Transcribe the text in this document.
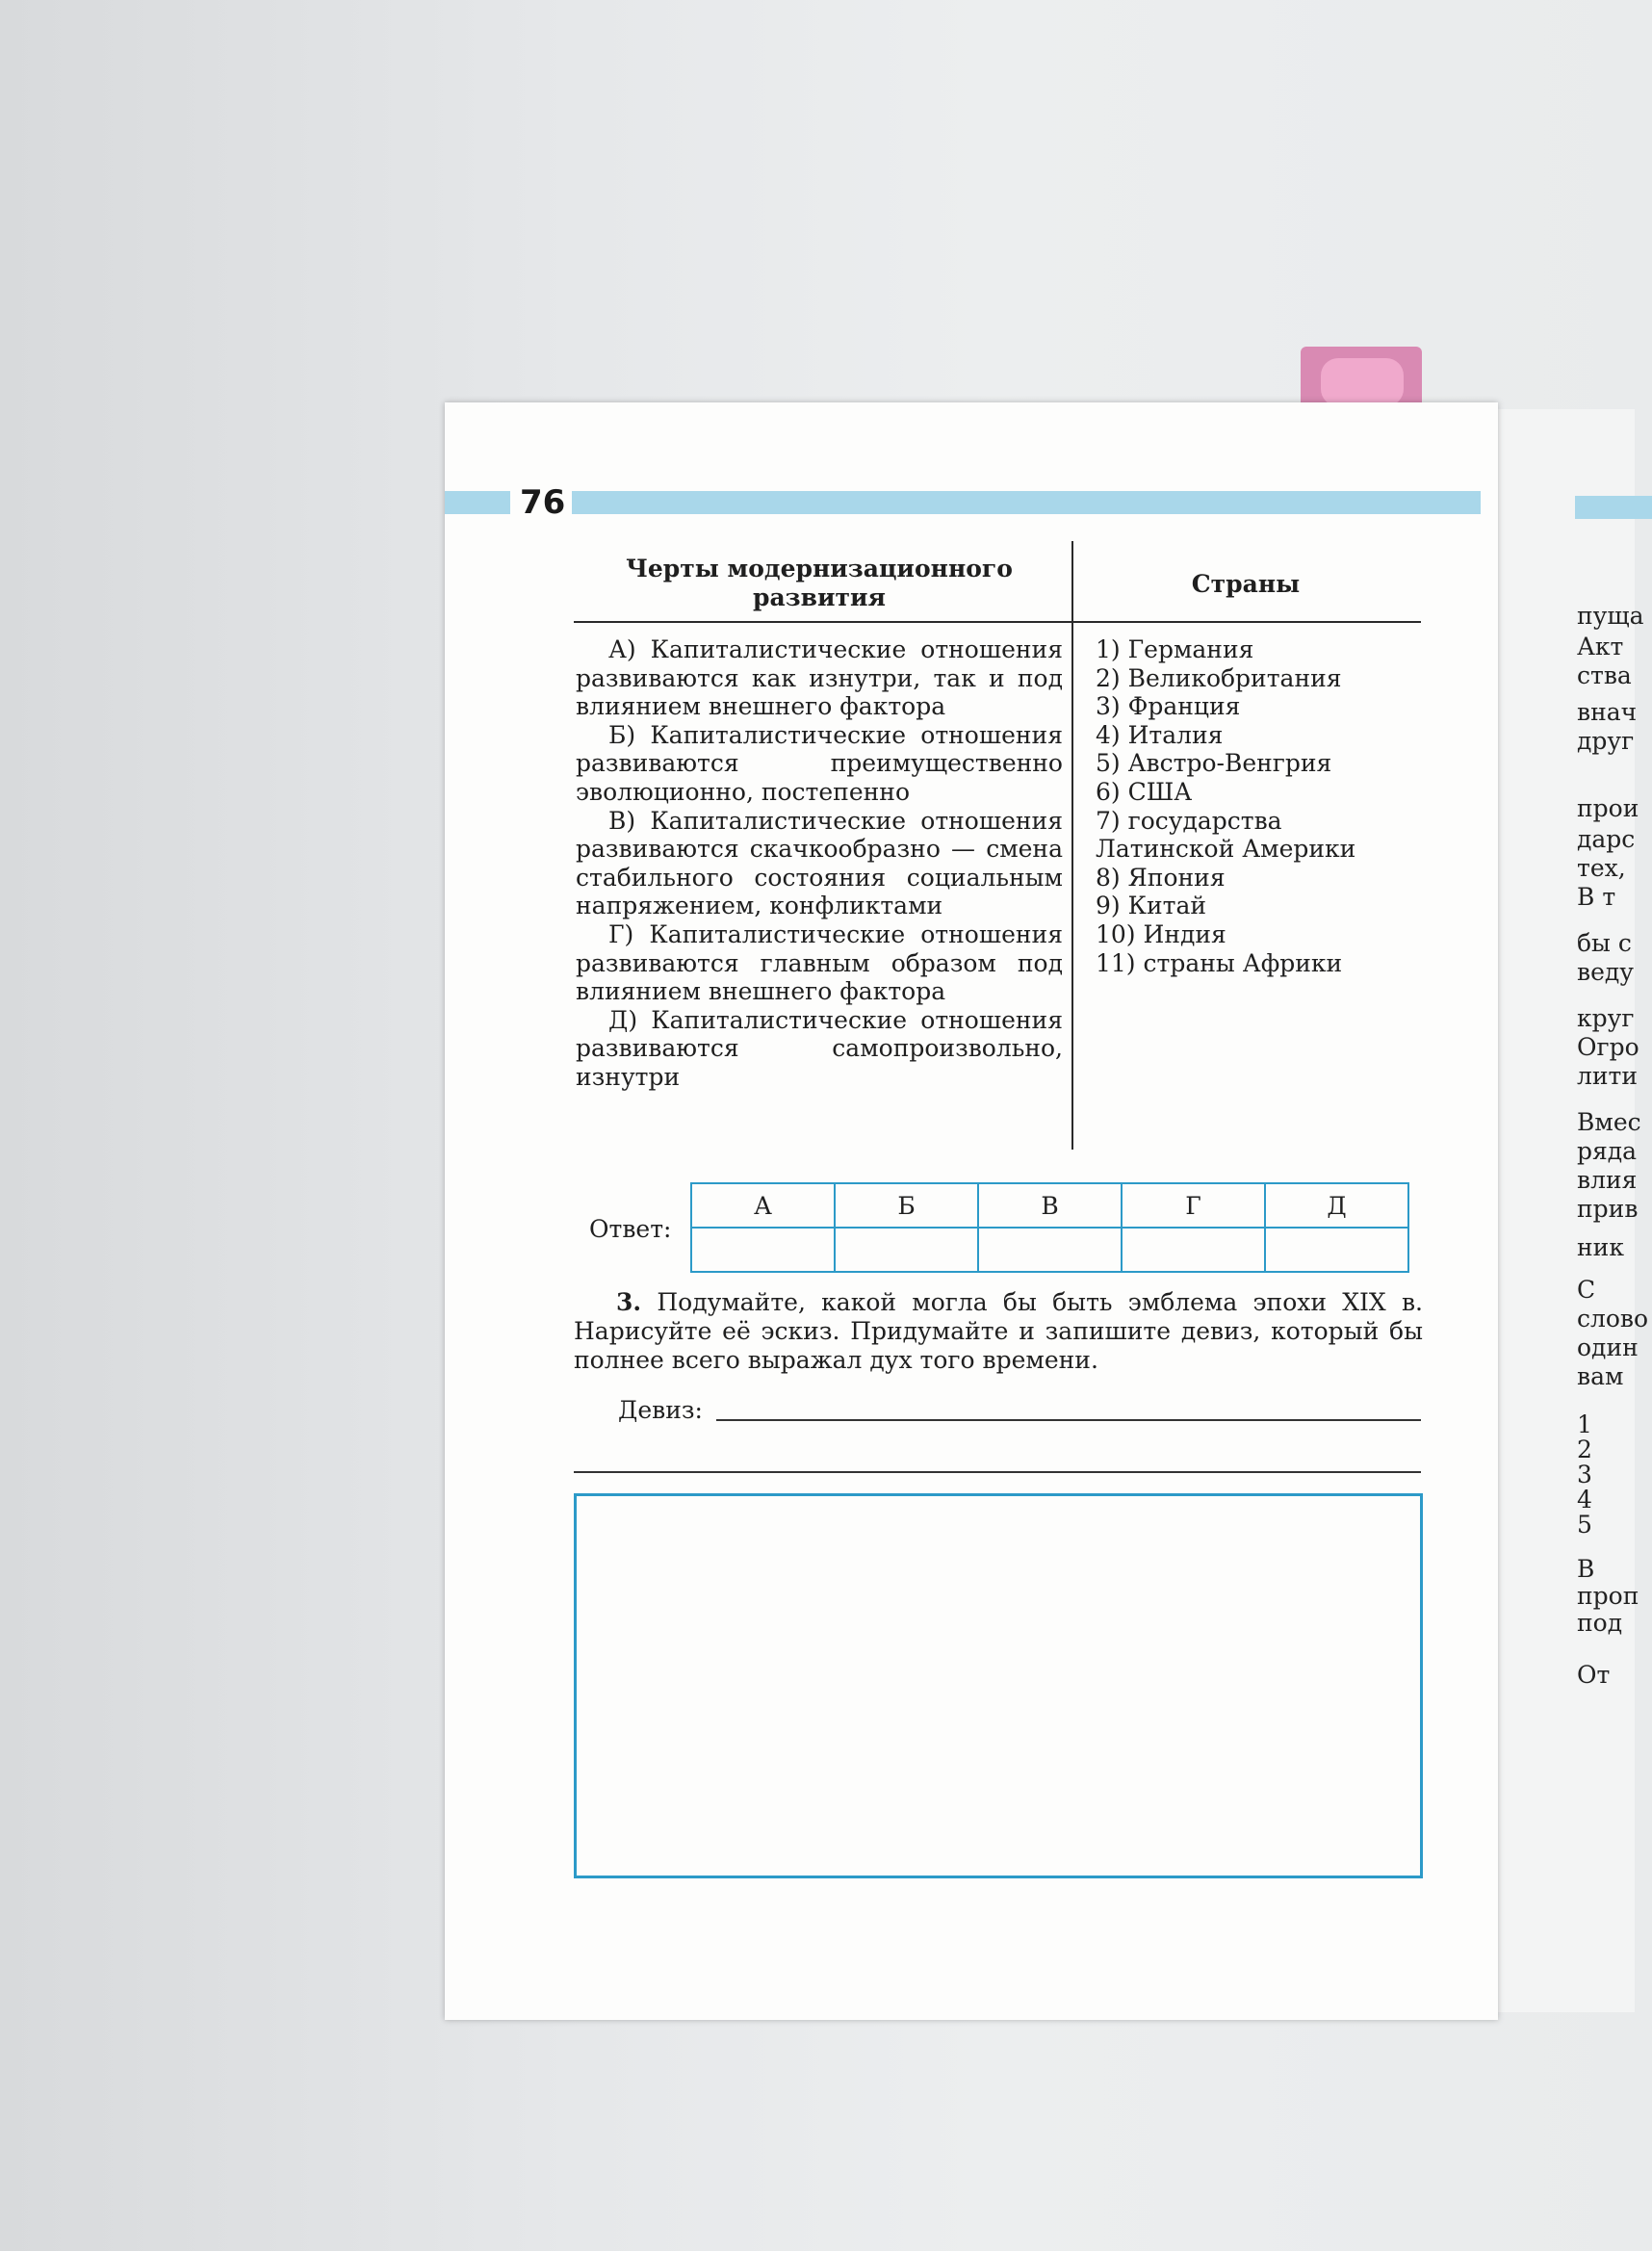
пуща
Акт
ства
внач
друг
прои
дарс
тех,
В т
бы с
веду
круг
Огро
лити
Вмес
ряда
влия
прив
ник
С
слово
один
вам
1
2
3
4
5
В
проп
под
От
76
Черты модернизационного развития	Страны
А) Капиталистические отношения развиваются как изнутри, так и под влиянием внешнего фактора
Б) Капиталистические отношения развиваются преимущественно эволюционно, постепенно
В) Капиталистические отношения развиваются скачкообразно — смена стабильного состояния социальным напряжением, конфликтами
Г) Капиталистические отношения развиваются главным образом под влиянием внешнего фактора
Д) Капиталистические отношения развиваются самопроизвольно, изнутри
1) Германия
2) Великобритания
3) Франция
4) Италия
5) Австро-Венгрия
6) США
7) государства Латинской Америки
8) Япония
9) Китай
10) Индия
11) страны Африки
Ответ:
А	Б	В	Г	Д

3. Подумайте, какой могла бы быть эмблема эпохи XIX в. Нарисуйте её эскиз. Придумайте и запишите девиз, который бы полнее всего выражал дух того времени.
Девиз:
